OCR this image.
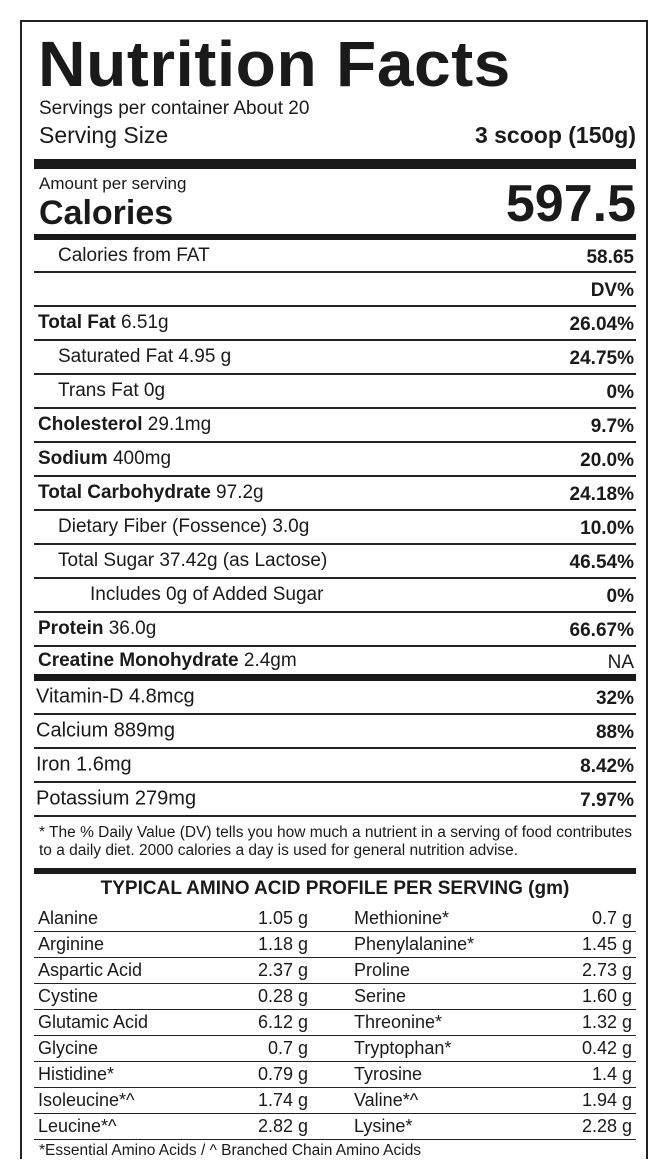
Nutrition Facts
Servings per container About 20
Serving Size	3 scoop (150g)
Amount per serving
Calories	597.5
Calories from FAT	58.65
DV%
Total Fat 6.51g	26.04%
Saturated Fat 4.95 g	24.75%
Trans Fat 0g	0%
Cholesterol 29.1mg	9.7%
Sodium 400mg	20.0%
Total Carbohydrate 97.2g	24.18%
Dietary Fiber (Fossence) 3.0g	10.0%
Total Sugar 37.42g (as Lactose)	46.54%
Includes 0g of Added Sugar	0%
Protein 36.0g	66.67%
Creatine Monohydrate 2.4gm	NA
Vitamin-D 4.8mcg	32%
Calcium 889mg	88%
Iron 1.6mg	8.42%
Potassium 279mg	7.97%
* The % Daily Value (DV) tells you how much a nutrient in a serving of food contributes to a daily diet. 2000 calories a day is used for general nutrition advise.
TYPICAL AMINO ACID PROFILE PER SERVING (gm)
Alanine	1.05 g	Methionine*	0.7 g
Arginine	1.18 g	Phenylalanine*	1.45 g
Aspartic Acid	2.37 g	Proline	2.73 g
Cystine	0.28 g	Serine	1.60 g
Glutamic Acid	6.12 g	Threonine*	1.32 g
Glycine	0.7 g	Tryptophan*	0.42 g
Histidine*	0.79 g	Tyrosine	1.4 g
Isoleucine*^	1.74 g	Valine*^	1.94 g
Leucine*^	2.82 g	Lysine*	2.28 g
*Essential Amino Acids / ^ Branched Chain Amino Acids
